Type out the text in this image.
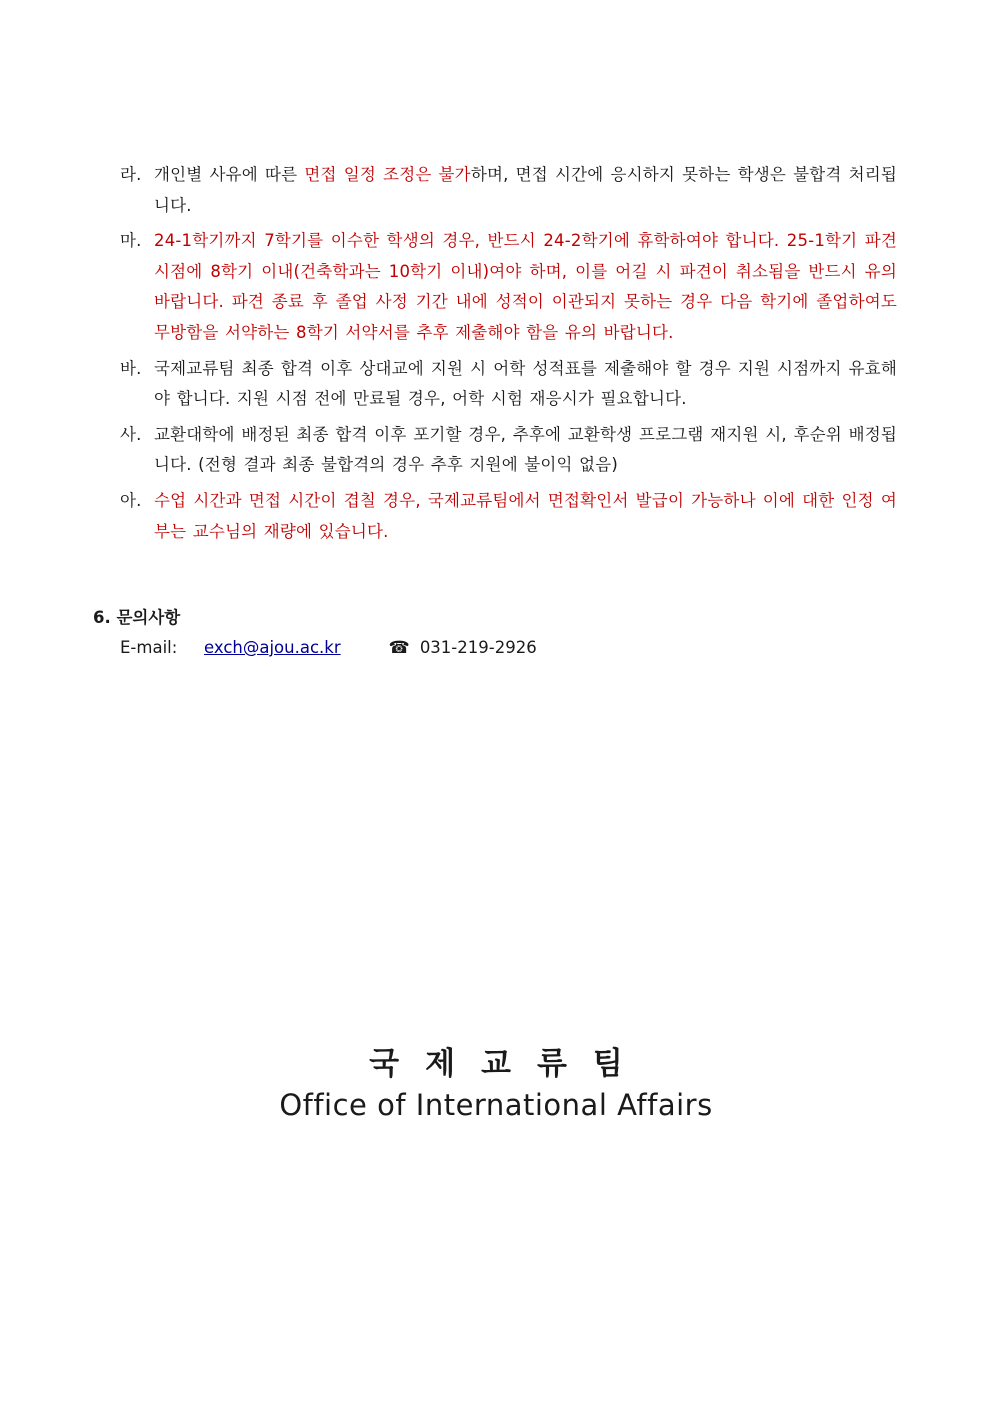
라. 개인별 사유에 따른 면접 일정 조정은 불가하며, 면접 시간에 응시하지 못하는 학생은 불합격 처리됩니다.
마. 24-1학기까지 7학기를 이수한 학생의 경우, 반드시 24-2학기에 휴학하여야 합니다. 25-1학기 파견 시점에 8학기 이내(건축학과는 10학기 이내)여야 하며, 이를 어길 시 파견이 취소됨을 반드시 유의 바랍니다. 파견 종료 후 졸업 사정 기간 내에 성적이 이관되지 못하는 경우 다음 학기에 졸업하여도 무방함을 서약하는 8학기 서약서를 추후 제출해야 함을 유의 바랍니다.
바. 국제교류팀 최종 합격 이후 상대교에 지원 시 어학 성적표를 제출해야 할 경우 지원 시점까지 유효해야 합니다. 지원 시점 전에 만료될 경우, 어학 시험 재응시가 필요합니다.
사. 교환대학에 배정된 최종 합격 이후 포기할 경우, 추후에 교환학생 프로그램 재지원 시, 후순위 배정됩니다. (전형 결과 최종 불합격의 경우 추후 지원에 불이익 없음)
아. 수업 시간과 면접 시간이 겹칠 경우, 국제교류팀에서 면접확인서 발급이 가능하나 이에 대한 인정 여부는 교수님의 재량에 있습니다.
6. 문의사항
E-mail:	exch@ajou.ac.kr	☎ 031-219-2926
국제교류팀
Office of International Affairs
